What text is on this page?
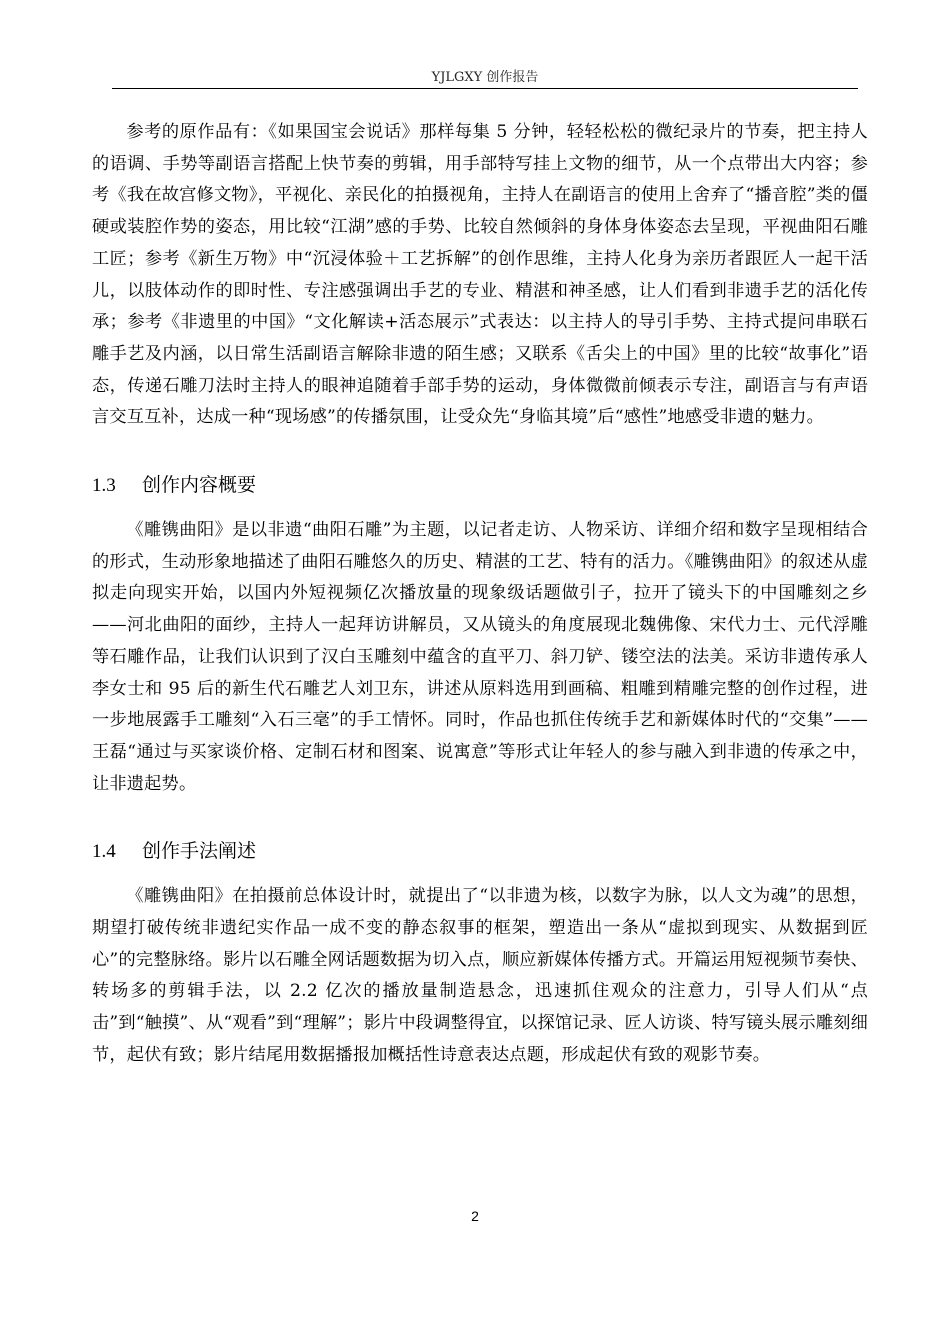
YJLGXY 创作报告

参考的原作品有：《如果国宝会说话》那样每集 5 分钟，轻轻松松的微纪录片的节奏，把主持人的语调、手势等副语言搭配上快节奏的剪辑，用手部特写挂上文物的细节，从一个点带出大内容；参考《我在故宫修文物》，平视化、亲民化的拍摄视角，主持人在副语言的使用上舍弃了“播音腔”类的僵硬或装腔作势的姿态，用比较“江湖”感的手势、比较自然倾斜的身体身体姿态去呈现，平视曲阳石雕工匠；参考《新生万物》中“沉浸体验＋工艺拆解”的创作思维，主持人化身为亲历者跟匠人一起干活儿，以肢体动作的即时性、专注感强调出手艺的专业、精湛和神圣感，让人们看到非遗手艺的活化传承；参考《非遗里的中国》“文化解读+活态展示”式表达：以主持人的导引手势、主持式提问串联石雕手艺及内涵，以日常生活副语言解除非遗的陌生感；又联系《舌尖上的中国》里的比较“故事化”语态，传递石雕刀法时主持人的眼神追随着手部手势的运动，身体微微前倾表示专注，副语言与有声语言交互互补，达成一种“现场感”的传播氛围，让受众先“身临其境”后“感性”地感受非遗的魅力。

1.3 创作内容概要

《雕镌曲阳》是以非遗“曲阳石雕”为主题，以记者走访、人物采访、详细介绍和数字呈现相结合的形式，生动形象地描述了曲阳石雕悠久的历史、精湛的工艺、特有的活力。《雕镌曲阳》的叙述从虚拟走向现实开始，以国内外短视频亿次播放量的现象级话题做引子，拉开了镜头下的中国雕刻之乡——河北曲阳的面纱，主持人一起拜访讲解员，又从镜头的角度展现北魏佛像、宋代力士、元代浮雕等石雕作品，让我们认识到了汉白玉雕刻中蕴含的直平刀、斜刀铲、镂空法的法美。采访非遗传承人李女士和 95 后的新生代石雕艺人刘卫东，讲述从原料选用到画稿、粗雕到精雕完整的创作过程，进一步地展露手工雕刻“入石三毫”的手工情怀。同时，作品也抓住传统手艺和新媒体时代的“交集”——王磊“通过与买家谈价格、定制石材和图案、说寓意”等形式让年轻人的参与融入到非遗的传承之中，让非遗起势。

1.4 创作手法阐述

《雕镌曲阳》在拍摄前总体设计时，就提出了“以非遗为核，以数字为脉，以人文为魂”的思想，期望打破传统非遗纪实作品一成不变的静态叙事的框架，塑造出一条从“虚拟到现实、从数据到匠心”的完整脉络。影片以石雕全网话题数据为切入点，顺应新媒体传播方式。开篇运用短视频节奏快、转场多的剪辑手法，以 2.2 亿次的播放量制造悬念，迅速抓住观众的注意力，引导人们从“点击”到“触摸”、从“观看”到“理解”；影片中段调整得宜，以探馆记录、匠人访谈、特写镜头展示雕刻细节，起伏有致；影片结尾用数据播报加概括性诗意表达点题，形成起伏有致的观影节奏。

2
